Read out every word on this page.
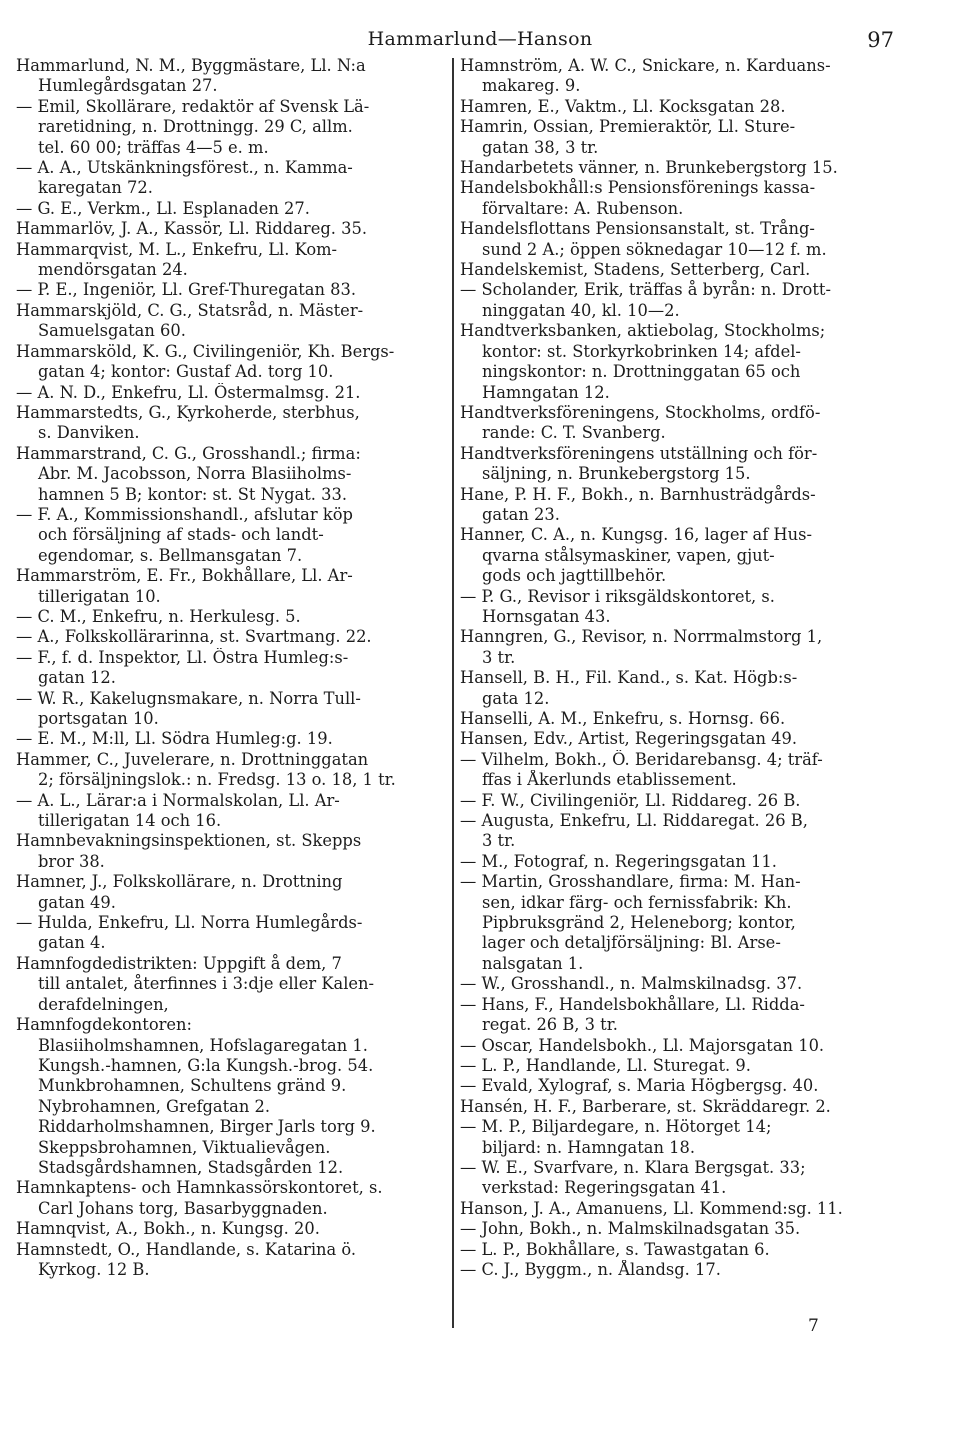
Hammarlund—Hanson	97
Hammarlund, N. M., Byggmästare, Ll. N:a
Humlegårdsgatan 27.
— Emil, Skollärare, redaktör af Svensk Lä-
raretidning, n. Drottningg. 29 C, allm.
tel. 60 00; träffas 4—5 e. m.
— A. A., Utskänkningsförest., n. Kamma-
karegatan 72.
— G. E., Verkm., Ll. Esplanaden 27.
Hammarlöv, J. A., Kassör, Ll. Riddareg. 35.
Hammarqvist, M. L., Enkefru, Ll. Kom-
mendörsgatan 24.
— P. E., Ingeniör, Ll. Gref-Thuregatan 83.
Hammarskjöld, C. G., Statsråd, n. Mäster-
Samuelsgatan 60.
Hammarsköld, K. G., Civilingeniör, Kh. Bergs-
gatan 4; kontor: Gustaf Ad. torg 10.
— A. N. D., Enkefru, Ll. Östermalmsg. 21.
Hammarstedts, G., Kyrkoherde, sterbhus,
s. Danviken.
Hammarstrand, C. G., Grosshandl.; firma:
Abr. M. Jacobsson, Norra Blasiiholms-
hamnen 5 B; kontor: st. St Nygat. 33.
— F. A., Kommissionshandl., afslutar köp
och försäljning af stads- och landt-
egendomar, s. Bellmansgatan 7.
Hammarström, E. Fr., Bokhållare, Ll. Ar-
tillerigatan 10.
— C. M., Enkefru, n. Herkulesg. 5.
— A., Folkskollärarinna, st. Svartmang. 22.
— F., f. d. Inspektor, Ll. Östra Humleg:s-
gatan 12.
— W. R., Kakelugnsmakare, n. Norra Tull-
portsgatan 10.
— E. M., M:ll, Ll. Södra Humleg:g. 19.
Hammer, C., Juvelerare, n. Drottninggatan
2; försäljningslok.: n. Fredsg. 13 o. 18, 1 tr.
— A. L., Lärar:a i Normalskolan, Ll. Ar-
tillerigatan 14 och 16.
Hamnbevakningsinspektionen, st. Skepps
bror 38.
Hamner, J., Folkskollärare, n. Drottning
gatan 49.
— Hulda, Enkefru, Ll. Norra Humlegårds-
gatan 4.
Hamnfogdedistrikten: Uppgift å dem, 7
till antalet, återfinnes i 3:dje eller Kalen-
derafdelningen,
Hamnfogdekontoren:
Blasiiholmshamnen, Hofslagaregatan 1.
Kungsh.-hamnen, G:la Kungsh.-brog. 54.
Munkbrohamnen, Schultens gränd 9.
Nybrohamnen, Grefgatan 2.
Riddarholmshamnen, Birger Jarls torg 9.
Skeppsbrohamnen, Viktualievågen.
Stadsgårdshamnen, Stadsgården 12.
Hamnkaptens- och Hamnkassörskontoret, s.
Carl Johans torg, Basarbyggnaden.
Hamnqvist, A., Bokh., n. Kungsg. 20.
Hamnstedt, O., Handlande, s. Katarina ö.
Kyrkog. 12 B.
Hamnström, A. W. C., Snickare, n. Karduans-
makareg. 9.
Hamren, E., Vaktm., Ll. Kocksgatan 28.
Hamrin, Ossian, Premieraktör, Ll. Sture-
gatan 38, 3 tr.
Handarbetets vänner, n. Brunkebergstorg 15.
Handelsbokhåll:s Pensionsförenings kassa-
förvaltare: A. Rubenson.
Handelsflottans Pensionsanstalt, st. Trång-
sund 2 A.; öppen söknedagar 10—12 f. m.
Handelskemist, Stadens, Setterberg, Carl.
— Scholander, Erik, träffas å byrån: n. Drott-
ninggatan 40, kl. 10—2.
Handtverksbanken, aktiebolag, Stockholms;
kontor: st. Storkyrkobrinken 14; afdel-
ningskontor: n. Drottninggatan 65 och
Hamngatan 12.
Handtverksföreningens, Stockholms, ordfö-
rande: C. T. Svanberg.
Handtverksföreningens utställning och för-
säljning, n. Brunkebergstorg 15.
Hane, P. H. F., Bokh., n. Barnhusträdgårds-
gatan 23.
Hanner, C. A., n. Kungsg. 16, lager af Hus-
qvarna stålsymaskiner, vapen, gjut-
gods och jagttillbehör.
— P. G., Revisor i riksgäldskontoret, s.
Hornsgatan 43.
Hanngren, G., Revisor, n. Norrmalmstorg 1,
3 tr.
Hansell, B. H., Fil. Kand., s. Kat. Högb:s-
gata 12.
Hanselli, A. M., Enkefru, s. Hornsg. 66.
Hansen, Edv., Artist, Regeringsgatan 49.
— Vilhelm, Bokh., Ö. Beridarebansg. 4; träf-
ffas i Åkerlunds etablissement.
— F. W., Civilingeniör, Ll. Riddareg. 26 B.
— Augusta, Enkefru, Ll. Riddaregat. 26 B,
3 tr.
— M., Fotograf, n. Regeringsgatan 11.
— Martin, Grosshandlare, firma: M. Han-
sen, idkar färg- och fernissfabrik: Kh.
Pipbruksgränd 2, Heleneborg; kontor,
lager och detaljförsäljning: Bl. Arse-
nalsgatan 1.
— W., Grosshandl., n. Malmskilnadsg. 37.
— Hans, F., Handelsbokhållare, Ll. Ridda-
regat. 26 B, 3 tr.
— Oscar, Handelsbokh., Ll. Majorsgatan 10.
— L. P., Handlande, Ll. Sturegat. 9.
— Evald, Xylograf, s. Maria Högbergsg. 40.
Hansén, H. F., Barberare, st. Skräddaregr. 2.
— M. P., Biljardegare, n. Hötorget 14;
biljard: n. Hamngatan 18.
— W. E., Svarfvare, n. Klara Bergsgat. 33;
verkstad: Regeringsgatan 41.
Hanson, J. A., Amanuens, Ll. Kommend:sg. 11.
— John, Bokh., n. Malmskilnadsgatan 35.
— L. P., Bokhållare, s. Tawastgatan 6.
— C. J., Byggm., n. Ålandsg. 17.
7
